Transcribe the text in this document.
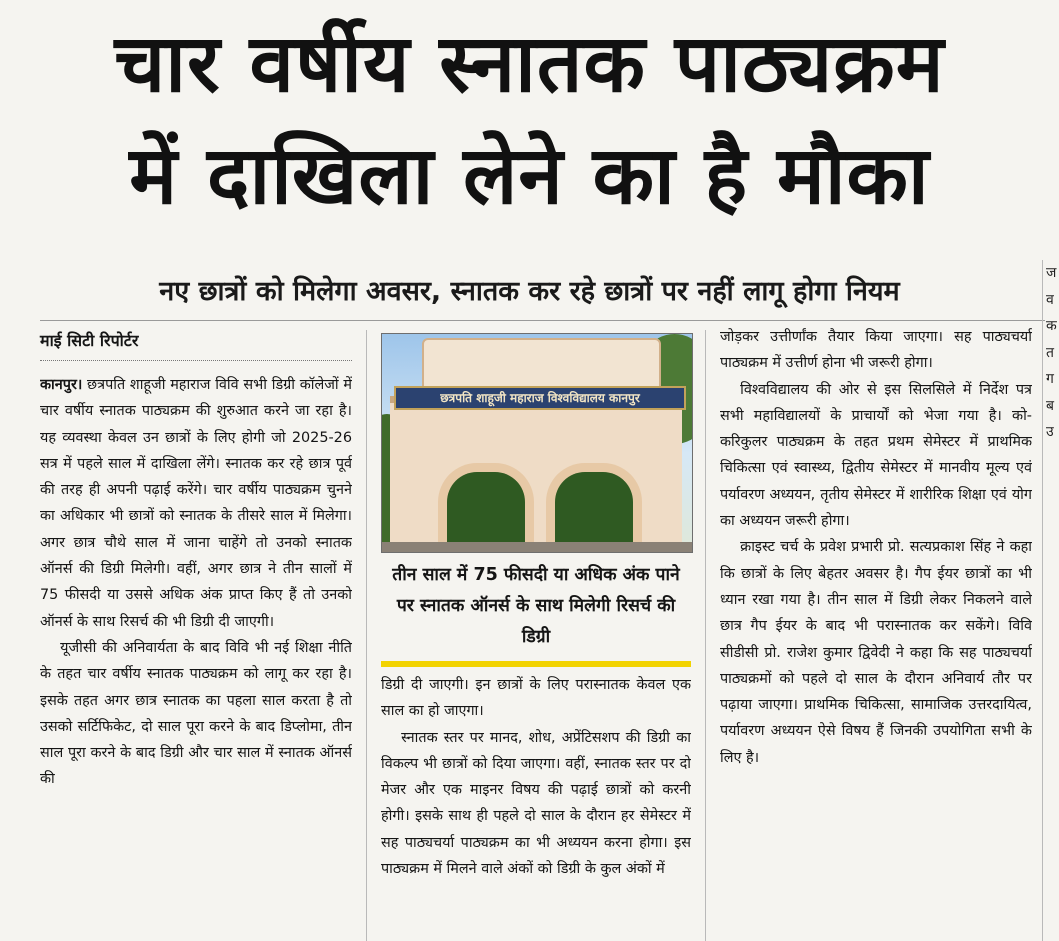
चार वर्षीय स्नातक पाठ्यक्रम
में दाखिला लेने का है मौका
नए छात्रों को मिलेगा अवसर, स्नातक कर रहे छात्रों पर नहीं लागू होगा नियम
माई सिटी रिपोर्टर

कानपुर। छत्रपति शाहूजी महाराज विवि सभी डिग्री कॉलेजों में चार वर्षीय स्नातक पाठ्यक्रम की शुरुआत करने जा रहा है। यह व्यवस्था केवल उन छात्रों के लिए होगी जो 2025-26 सत्र में पहले साल में दाखिला लेंगे। स्नातक कर रहे छात्र पूर्व की तरह ही अपनी पढ़ाई करेंगे। चार वर्षीय पाठ्यक्रम चुनने का अधिकार भी छात्रों को स्नातक के तीसरे साल में मिलेगा। अगर छात्र चौथे साल में जाना चाहेंगे तो उनको स्नातक ऑनर्स की डिग्री मिलेगी। वहीं, अगर छात्र ने तीन सालों में 75 फीसदी या उससे अधिक अंक प्राप्त किए हैं तो उनको ऑनर्स के साथ रिसर्च की भी डिग्री दी जाएगी।

यूजीसी की अनिवार्यता के बाद विवि भी नई शिक्षा नीति के तहत चार वर्षीय स्नातक पाठ्यक्रम को लागू कर रहा है। इसके तहत अगर छात्र स्नातक का पहला साल करता है तो उसको सर्टिफिकेट, दो साल पूरा करने के बाद डिप्लोमा, तीन साल पूरा करने के बाद डिग्री और चार साल में स्नातक ऑनर्स की

छत्रपति शाहूजी महाराज विश्वविद्यालय कानपुर
तीन साल में 75 फीसदी या अधिक अंक पाने पर स्नातक ऑनर्स के साथ मिलेगी रिसर्च की डिग्री

डिग्री दी जाएगी। इन छात्रों के लिए परास्नातक केवल एक साल का हो जाएगा।

स्नातक स्तर पर मानद, शोध, अप्रेंटिसशप की डिग्री का विकल्प भी छात्रों को दिया जाएगा। वहीं, स्नातक स्तर पर दो मेजर और एक माइनर विषय की पढ़ाई छात्रों को करनी होगी। इसके साथ ही पहले दो साल के दौरान हर सेमेस्टर में सह पाठ्यचर्या पाठ्यक्रम का भी अध्ययन करना होगा। इस पाठ्यक्रम में मिलने वाले अंकों को डिग्री के कुल अंकों में

जोड़कर उत्तीर्णांक तैयार किया जाएगा। सह पाठ्यचर्या पाठ्यक्रम में उत्तीर्ण होना भी जरूरी होगा।

विश्वविद्यालय की ओर से इस सिलसिले में निर्देश पत्र सभी महाविद्यालयों के प्राचार्यों को भेजा गया है। को-करिकुलर पाठ्यक्रम के तहत प्रथम सेमेस्टर में प्राथमिक चिकित्सा एवं स्वास्थ्य, द्वितीय सेमेस्टर में मानवीय मूल्य एवं पर्यावरण अध्ययन, तृतीय सेमेस्टर में शारीरिक शिक्षा एवं योग का अध्ययन जरूरी होगा।

क्राइस्ट चर्च के प्रवेश प्रभारी प्रो. सत्यप्रकाश सिंह ने कहा कि छात्रों के लिए बेहतर अवसर है। गैप ईयर छात्रों का भी ध्यान रखा गया है। तीन साल में डिग्री लेकर निकलने वाले छात्र गैप ईयर के बाद भी परास्नातक कर सकेंगे। विवि सीडीसी प्रो. राजेश कुमार द्विवेदी ने कहा कि सह पाठ्यचर्या पाठ्यक्रमों को पहले दो साल के दौरान अनिवार्य तौर पर पढ़ाया जाएगा। प्राथमिक चिकित्सा, सामाजिक उत्तरदायित्व, पर्यावरण अध्ययन ऐसे विषय हैं जिनकी उपयोगिता सभी के लिए है।

ज व क त ग ब उ
